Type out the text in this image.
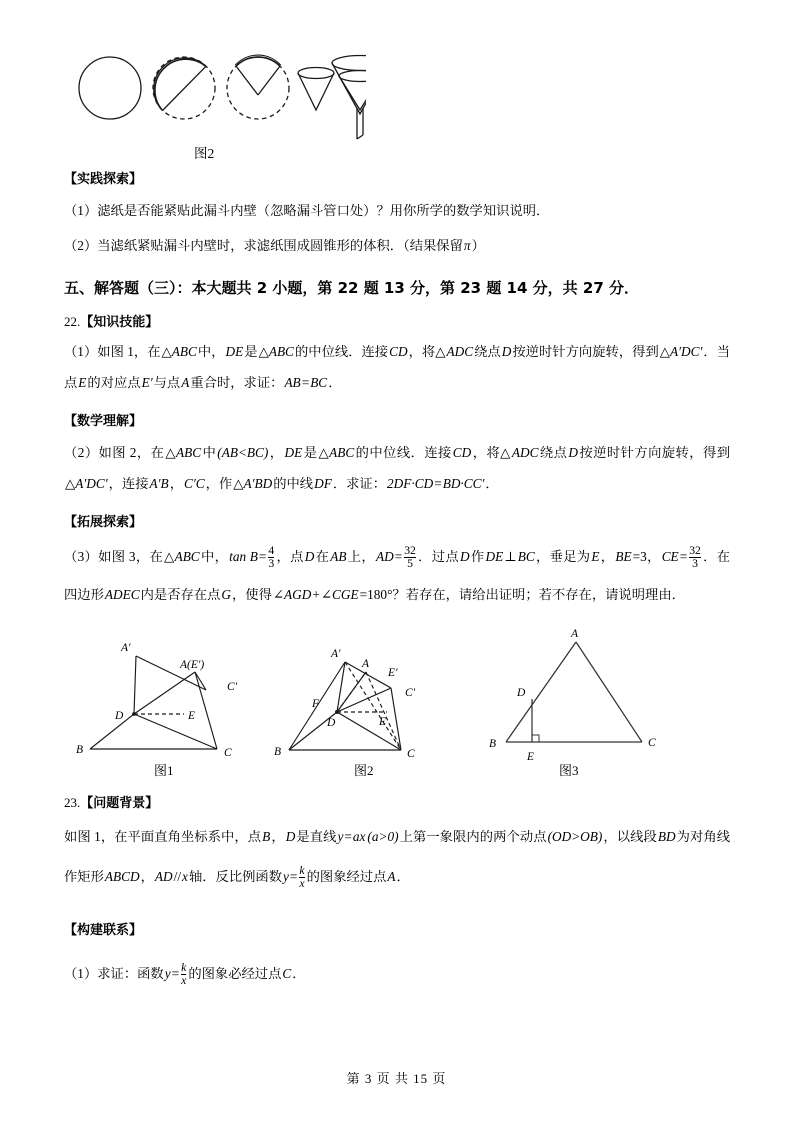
图2
【实践探索】
（1）滤纸是否能紧贴此漏斗内壁（忽略漏斗管口处）？用你所学的数学知识说明．
（2）当滤纸紧贴漏斗内壁时，求滤纸围成圆锥形的体积．（结果保留π）
五、解答题（三）：本大题共 2 小题，第 22 题 13 分，第 23 题 14 分，共 27 分．
22.【知识技能】
（1）如图 1，在△ABC中，DE是△ABC的中位线．连接CD，将△ADC绕点D按逆时针方向旋转，得到△A′DC′．当点E的对应点E′与点A重合时，求证：AB=BC．
【数学理解】
（2）如图 2，在△ABC中(AB<BC)，DE是△ABC的中位线．连接CD，将△ADC绕点D按逆时针方向旋转，得到△A′DC′，连接A′B，C′C，作△A′BD的中线DF．求证：2DF·CD=BD·CC′．
【拓展探索】
（3）如图 3，在△ABC中，$\tan B= \frac{4}{3}$ ，点D在AB上，$AD= \frac{32}{5}$ ．过点D作DE⊥BC，垂足为E，BE=3，$CE= \frac{32}{3}$ ．在四边形ADEC内是否存在点G，使得∠AGD+∠CGE=180°？若存在，请给出证明；若不存在，请说明理由．
A′
A(E′)
C′
D	E
B	C
图1
A′
A
E′
C′
F
D	E
B	C
图2
A
D
B
E
C
图3
23.【问题背景】
如图 1，在平面直角坐标系中，点B，D是直线y=ax (a>0)上第一象限内的两个动点(OD>OB)，以线段BD为对角线作矩形ABCD，AD//x轴．反比例函数$y= \frac{k}{x}$ 的图象经过点A．
【构建联系】
（1）求证：函数$y= \frac{k}{x}$ 的图象必经过点C．
第 3 页 共 15 页
